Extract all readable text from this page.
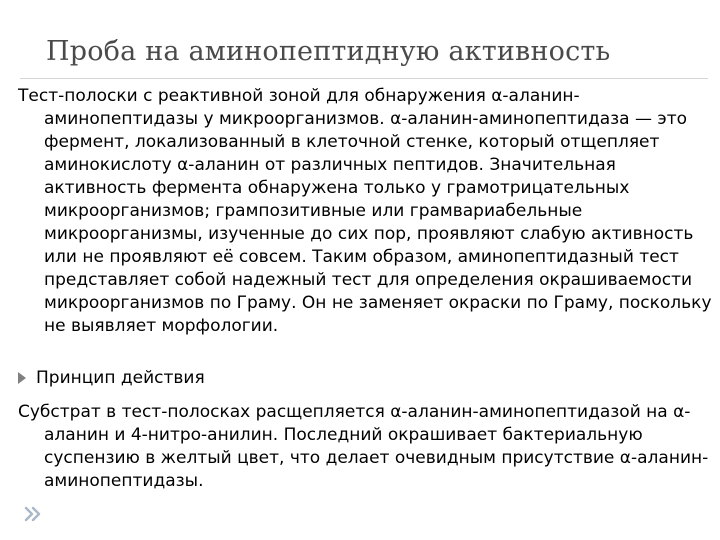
Проба на аминопептидную активность
Тест-полоски с реактивной зоной для обнаружения α-аланин-аминопептидазы у микроорганизмов. α-аланин-аминопептидаза — это фермент, локализованный в клеточной стенке, который отщепляет аминокислоту α-аланин от различных пептидов. Значительная активность фермента обнаружена только у грамотрицательных микроорганизмов; грампозитивные или грамвариабельные микроорганизмы, изученные до сих пор, проявляют слабую активность или не проявляют её совсем. Таким образом, аминопептидазный тест представляет собой надежный тест для определения окрашиваемости микроорганизмов по Граму. Он не заменяет окраски по Граму, поскольку не выявляет морфологии.
Принцип действия
Субстрат в тест-полосках расщепляется α-аланин-аминопептидазой на α-аланин и 4-нитро-анилин. Последний окрашивает бактериальную суспензию в желтый цвет, что делает очевидным присутствие α-аланин-аминопептидазы.
